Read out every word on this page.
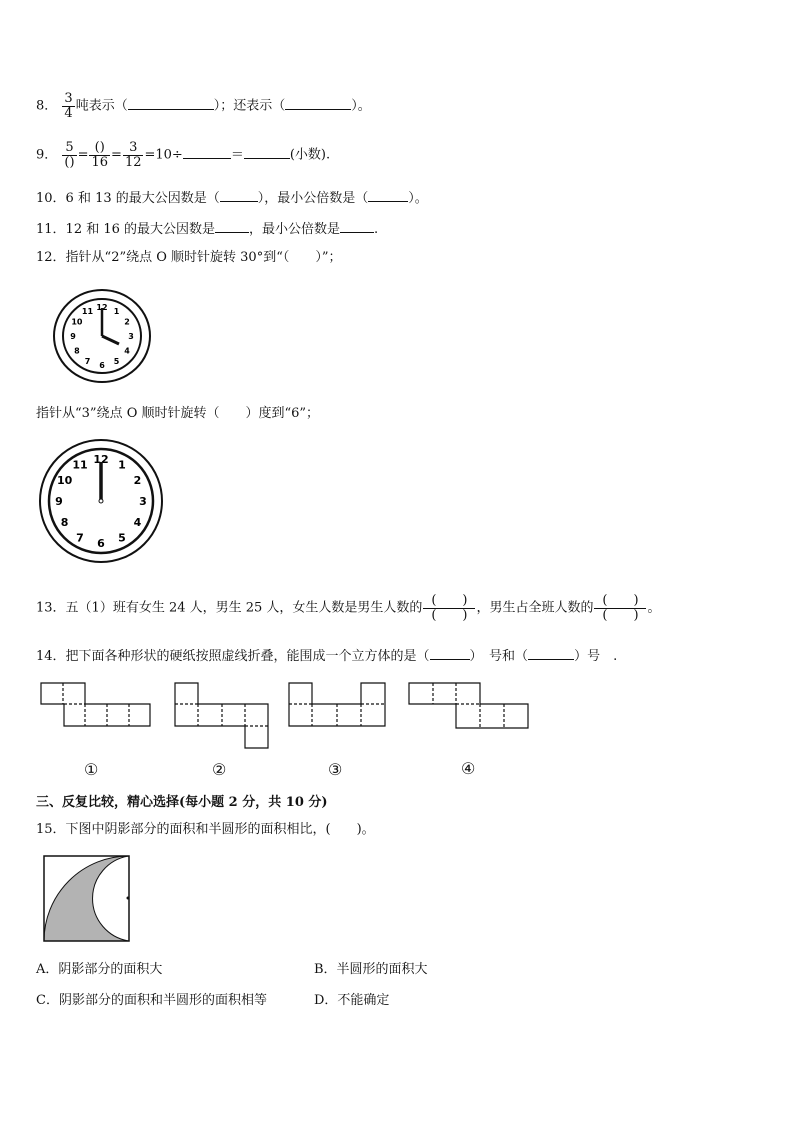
8． $\frac{3}{4}$ 吨表示（	）；还表示（	）。
9． $\frac{5}{()} = \frac{()}{16} = \frac{3}{12} =10\div$	＝	(小数).
10．6 和 13 的最大公因数是（	），最小公倍数是（	）。
11．12 和 16 的最大公因数是	，最小公倍数是	.
12．指针从“2”绕点 O 顺时针旋转 30°到“（　　）”；
12 1
2
3
4
5
6
7
8
9
10
11
指针从“3”绕点 O 顺时针旋转（　　）度到“6”；
12 1
2
3
4
5
6
7
8
9
10
11
13．五（1）班有女生 24 人，男生 25 人，女生人数是男生人数的 $\frac{( )}{( )}$ ，男生占全班人数的 $\frac{( )}{( )}$ 。
14．把下面各种形状的硬纸按照虚线折叠，能围成一个立方体的是（	）　号和（	）号　.
①	②	③	④
三、反复比较，精心选择(每小题 2 分，共 10 分)
15．下图中阴影部分的面积和半圆形的面积相比，(　　)。
A．阴影部分的面积大	B．半圆形的面积大
C．阴影部分的面积和半圆形的面积相等	D．不能确定
